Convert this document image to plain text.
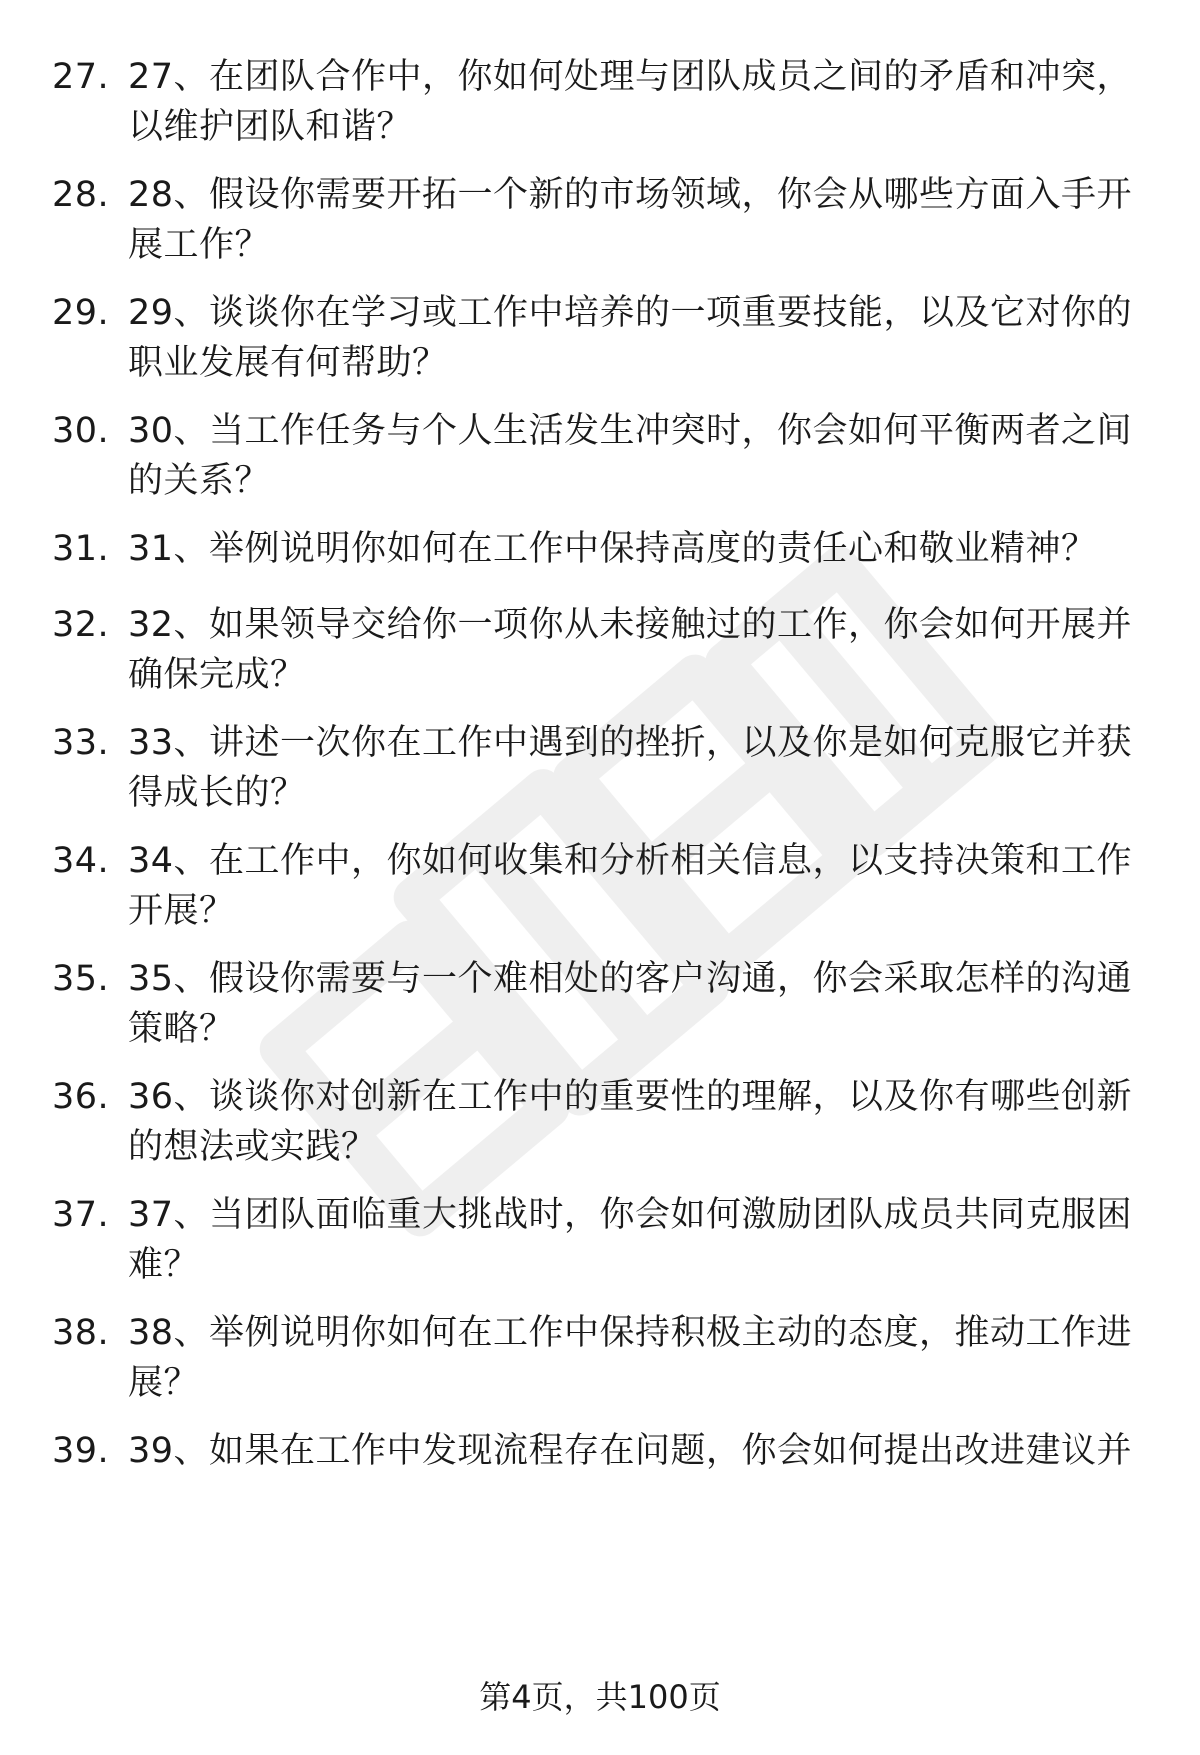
27. 27、在团队合作中，你如何处理与团队成员之间的矛盾和冲突，
以维护团队和谐？
28. 28、假设你需要开拓一个新的市场领域，你会从哪些方面入手开
展工作？
29. 29、谈谈你在学习或工作中培养的一项重要技能，以及它对你的
职业发展有何帮助？
30. 30、当工作任务与个人生活发生冲突时，你会如何平衡两者之间
的关系？
31. 31、举例说明你如何在工作中保持高度的责任心和敬业精神？
32. 32、如果领导交给你一项你从未接触过的工作，你会如何开展并
确保完成？
33. 33、讲述一次你在工作中遇到的挫折，以及你是如何克服它并获
得成长的？
34. 34、在工作中，你如何收集和分析相关信息，以支持决策和工作
开展？
35. 35、假设你需要与一个难相处的客户沟通，你会采取怎样的沟通
策略？
36. 36、谈谈你对创新在工作中的重要性的理解，以及你有哪些创新
的想法或实践？
37. 37、当团队面临重大挑战时，你会如何激励团队成员共同克服困
难？
38. 38、举例说明你如何在工作中保持积极主动的态度，推动工作进
展？
39. 39、如果在工作中发现流程存在问题，你会如何提出改进建议并
第4页，共100页
